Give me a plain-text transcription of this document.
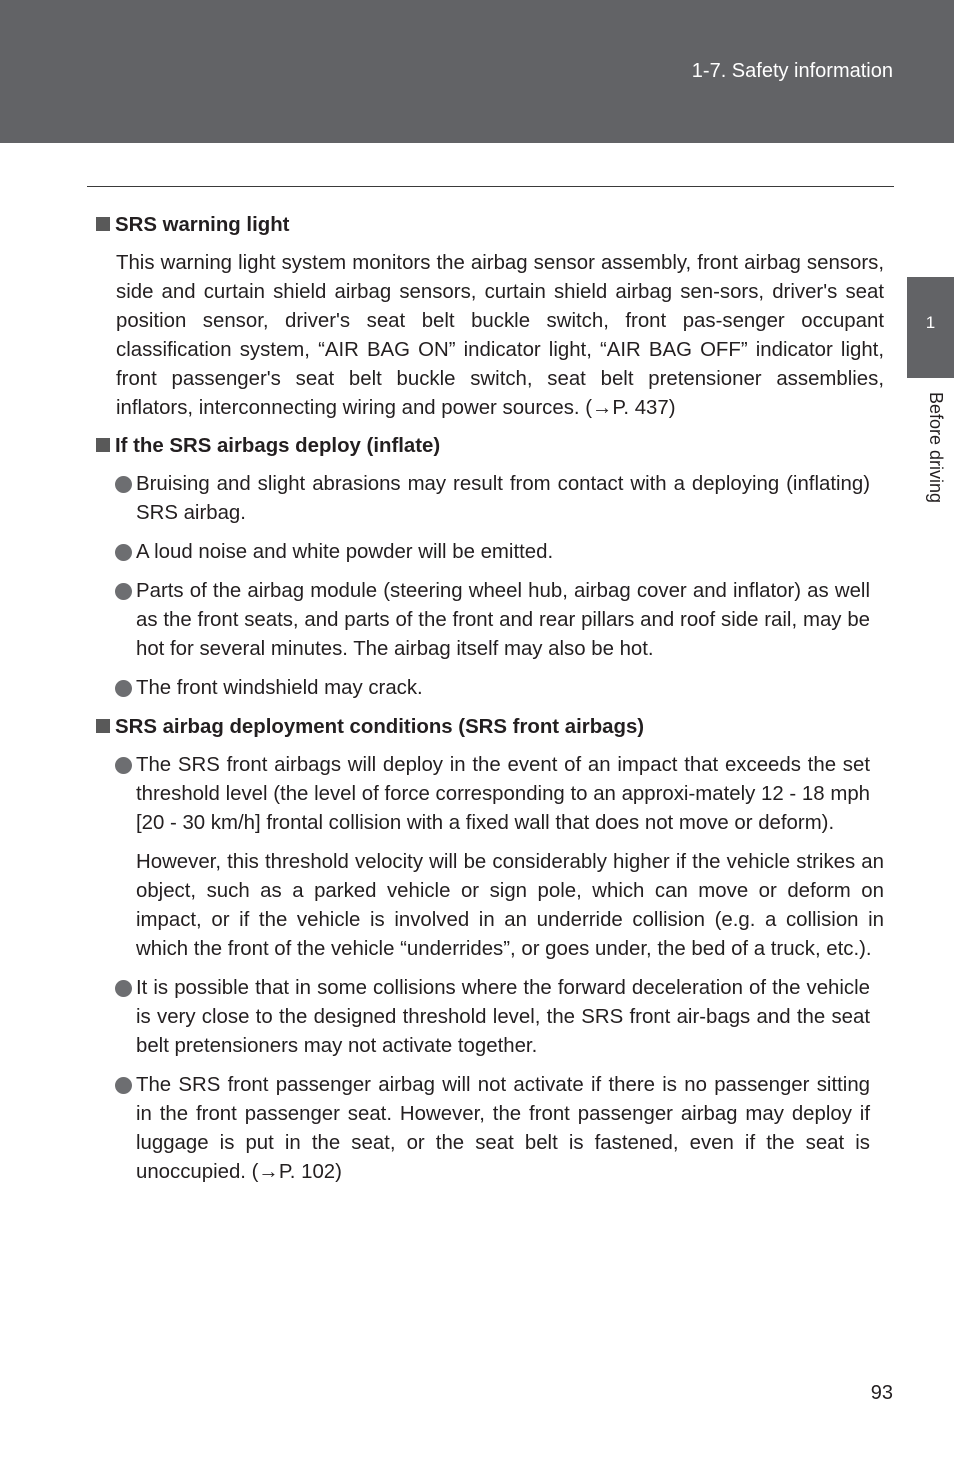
1-7. Safety information
1
Before driving
SRS warning light

This warning light system monitors the airbag sensor assembly, front airbag sensors, side and curtain shield airbag sensors, curtain shield airbag sen-sors, driver's seat position sensor, driver's seat belt buckle switch, front pas-senger occupant classification system, “AIR BAG ON” indicator light, “AIR BAG OFF” indicator light, front passenger's seat belt buckle switch, seat belt pretensioner assemblies, inflators, interconnecting wiring and power sources. (→P. 437)

If the SRS airbags deploy (inflate)
Bruising and slight abrasions may result from contact with a deploying (inflating) SRS airbag.
A loud noise and white powder will be emitted.
Parts of the airbag module (steering wheel hub, airbag cover and inflator) as well as the front seats, and parts of the front and rear pillars and roof side rail, may be hot for several minutes. The airbag itself may also be hot.
The front windshield may crack.
SRS airbag deployment conditions (SRS front airbags)
The SRS front airbags will deploy in the event of an impact that exceeds the set threshold level (the level of force corresponding to an approxi-mately 12 - 18 mph [20 - 30 km/h] frontal collision with a fixed wall that does not move or deform).

However, this threshold velocity will be considerably higher if the vehicle strikes an object, such as a parked vehicle or sign pole, which can move or deform on impact, or if the vehicle is involved in an underride collision (e.g. a collision in which the front of the vehicle “underrides”, or goes under, the bed of a truck, etc.).

It is possible that in some collisions where the forward deceleration of the vehicle is very close to the designed threshold level, the SRS front air-bags and the seat belt pretensioners may not activate together.
The SRS front passenger airbag will not activate if there is no passenger sitting in the front passenger seat. However, the front passenger airbag may deploy if luggage is put in the seat, or the seat belt is fastened, even if the seat is unoccupied. (→P. 102)
93
